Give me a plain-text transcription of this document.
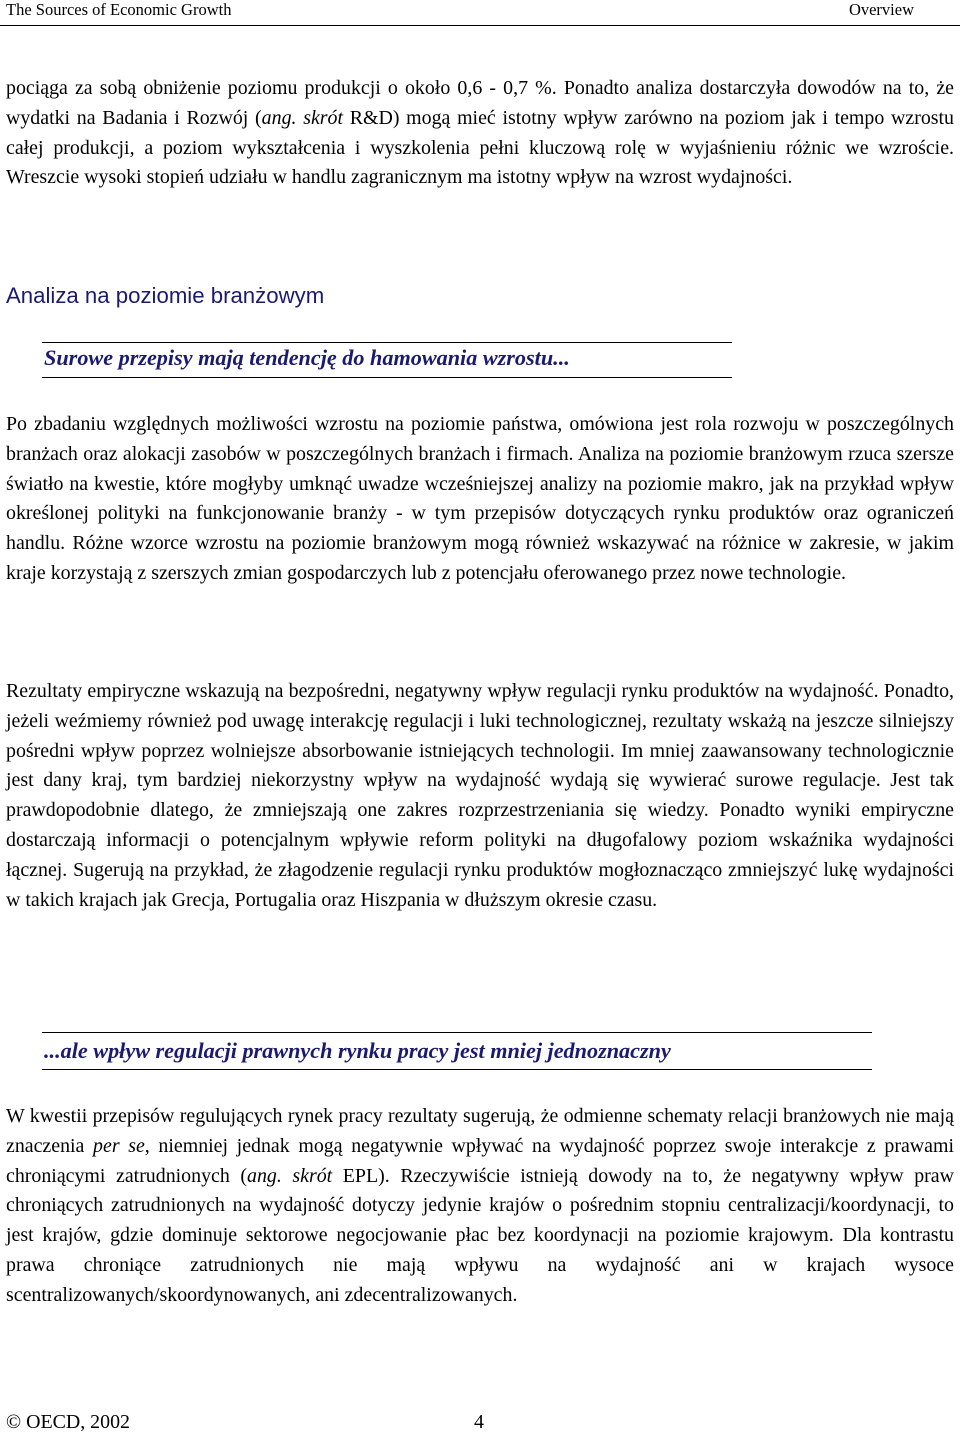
The Sources of Economic Growth	Overview

pociąga za sobą obniżenie poziomu produkcji o około 0,6 - 0,7 %. Ponadto analiza dostarczyła dowodów na to, że wydatki na Badania i Rozwój (ang. skrót R&D) mogą mieć istotny wpływ zarówno na poziom jak i tempo wzrostu całej produkcji, a poziom wykształcenia i wyszkolenia pełni kluczową rolę w wyjaśnieniu różnic we wzroście. Wreszcie wysoki stopień udziału w handlu zagranicznym ma istotny wpływ na wzrost wydajności.

Analiza na poziomie branżowym
Surowe przepisy mają tendencję do hamowania wzrostu...

Po zbadaniu względnych możliwości wzrostu na poziomie państwa, omówiona jest rola rozwoju w poszczególnych branżach oraz alokacji zasobów w poszczególnych branżach i firmach. Analiza na poziomie branżowym rzuca szersze światło na kwestie, które mogłyby umknąć uwadze wcześniejszej analizy na poziomie makro, jak na przykład wpływ określonej polityki na funkcjonowanie branży - w tym przepisów dotyczących rynku produktów oraz ograniczeń handlu. Różne wzorce wzrostu na poziomie branżowym mogą również wskazywać na różnice w zakresie, w jakim kraje korzystają z szerszych zmian gospodarczych lub z potencjału oferowanego przez nowe technologie.

Rezultaty empiryczne wskazują na bezpośredni, negatywny wpływ regulacji rynku produktów na wydajność. Ponadto, jeżeli weźmiemy również pod uwagę interakcję regulacji i luki technologicznej, rezultaty wskażą na jeszcze silniejszy pośredni wpływ poprzez wolniejsze absorbowanie istniejących technologii. Im mniej zaawansowany technologicznie jest dany kraj, tym bardziej niekorzystny wpływ na wydajność wydają się wywierać surowe regulacje. Jest tak prawdopodobnie dlatego, że zmniejszają one zakres rozprzestrzeniania się wiedzy. Ponadto wyniki empiryczne dostarczają informacji o potencjalnym wpływie reform polityki na długofalowy poziom wskaźnika wydajności łącznej. Sugerują na przykład, że złagodzenie regulacji rynku produktów mogłoznacząco zmniejszyć lukę wydajności w takich krajach jak Grecja, Portugalia oraz Hiszpania w dłuższym okresie czasu.

...ale wpływ regulacji prawnych rynku pracy jest mniej jednoznaczny

W kwestii przepisów regulujących rynek pracy rezultaty sugerują, że odmienne schematy relacji branżowych nie mają znaczenia per se, niemniej jednak mogą negatywnie wpływać na wydajność poprzez swoje interakcje z prawami chroniącymi zatrudnionych (ang. skrót EPL). Rzeczywiście istnieją dowody na to, że negatywny wpływ praw chroniących zatrudnionych na wydajność dotyczy jedynie krajów o pośrednim stopniu centralizacji/koordynacji, to jest krajów, gdzie dominuje sektorowe negocjowanie płac bez koordynacji na poziomie krajowym. Dla kontrastu prawa chroniące zatrudnionych nie mają wpływu na wydajność ani w krajach wysoce scentralizowanych/skoordynowanych, ani zdecentralizowanych.

© OECD, 2002	4
